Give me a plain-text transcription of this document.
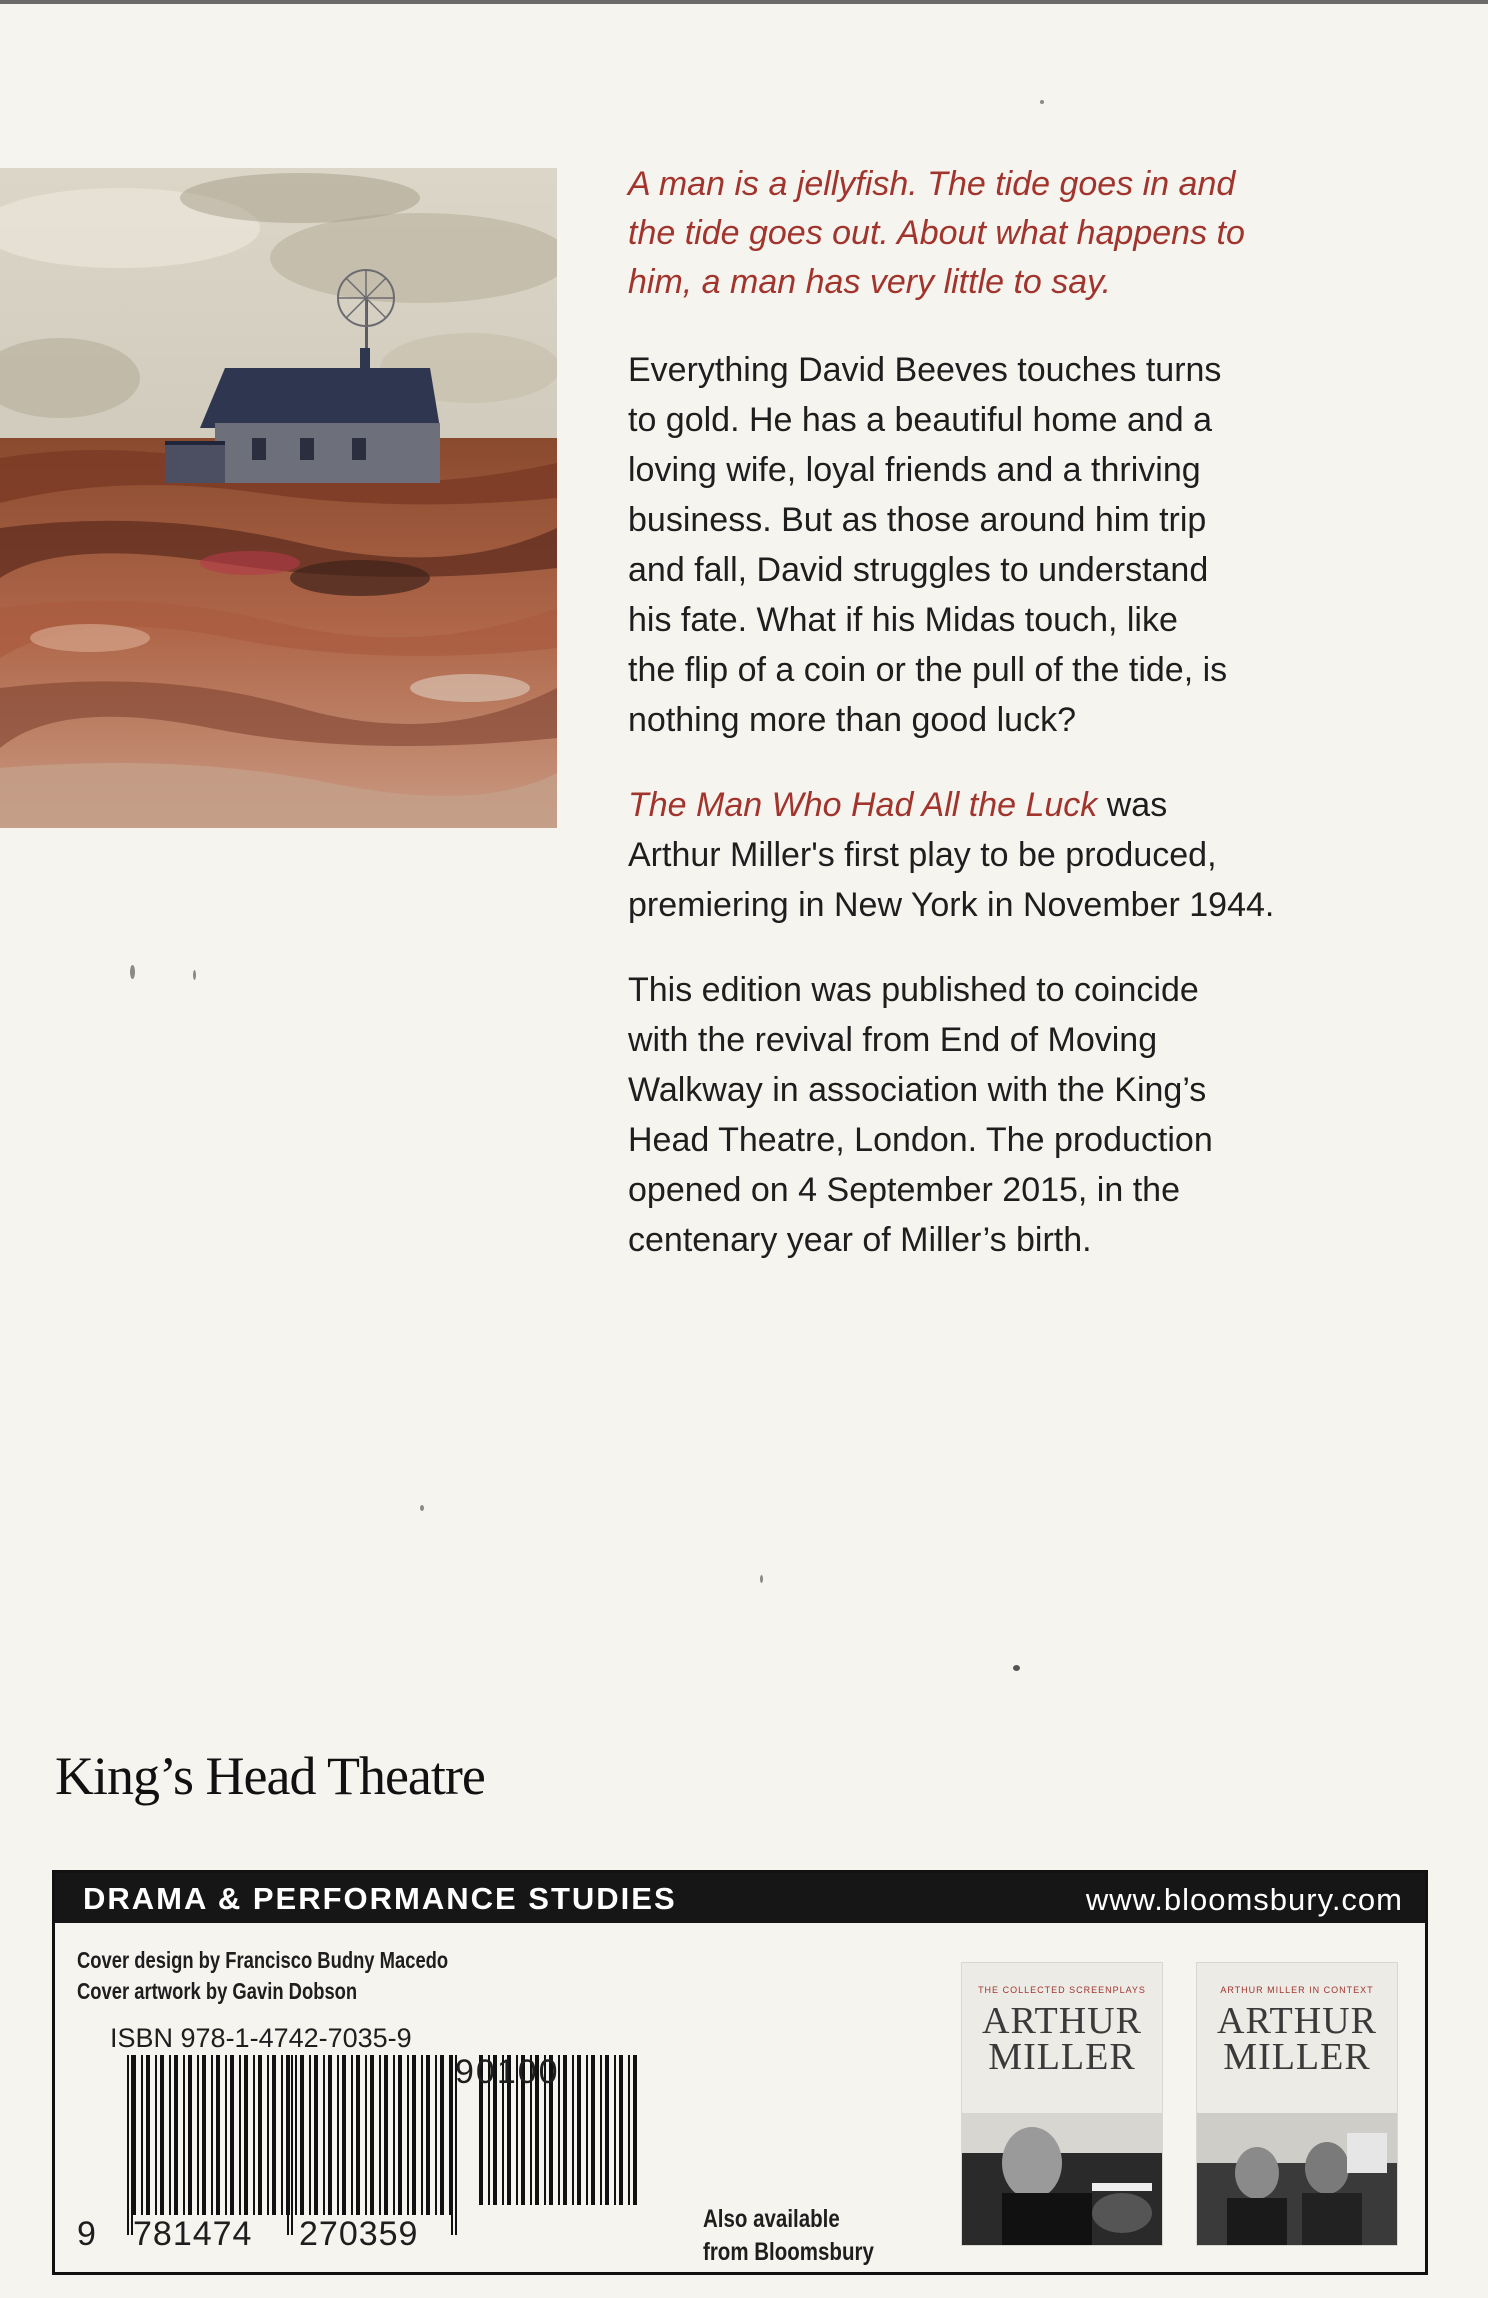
A man is a jellyfish. The tide goes in and
the tide goes out. About what happens to
him, a man has very little to say.
Everything David Beeves touches turns
to gold. He has a beautiful home and a
loving wife, loyal friends and a thriving
business. But as those around him trip
and fall, David struggles to understand
his fate. What if his Midas touch, like
the flip of a coin or the pull of the tide, is
nothing more than good luck?
The Man Who Had All the Luck was
Arthur Miller's first play to be produced,
premiering in New York in November 1944.
This edition was published to coincide
with the revival from End of Moving
Walkway in association with the King’s
Head Theatre, London. The production
opened on 4 September 2015, in the
centenary year of Miller’s birth.
King’s Head Theatre
DRAMA & PERFORMANCE STUDIES	www.bloomsbury.com
Cover design by Francisco Budny Macedo
Cover artwork by Gavin Dobson
ISBN 978-1-4742-7035-9
90100
9 781474 270359	Also available
from Bloomsbury
THE COLLECTED SCREENPLAYS
ARTHUR
MILLER
ARTHUR MILLER IN CONTEXT
ARTHUR
MILLER
